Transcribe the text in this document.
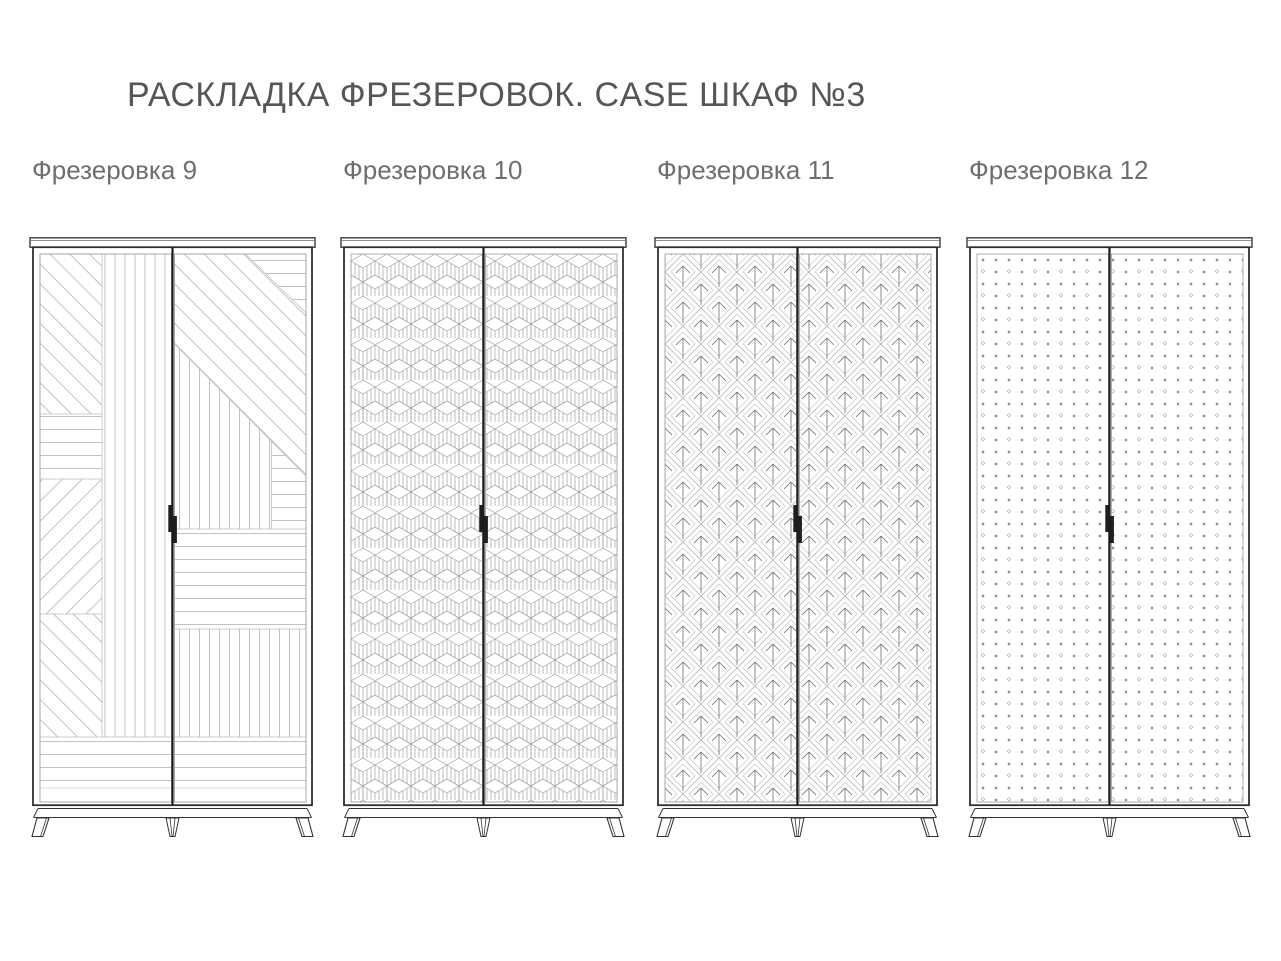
РАСКЛАДКА ФРЕЗЕРОВОК. CASE ШКАФ №3
Фрезеровка 9	Фрезеровка 10	Фрезеровка 11	Фрезеровка 12
